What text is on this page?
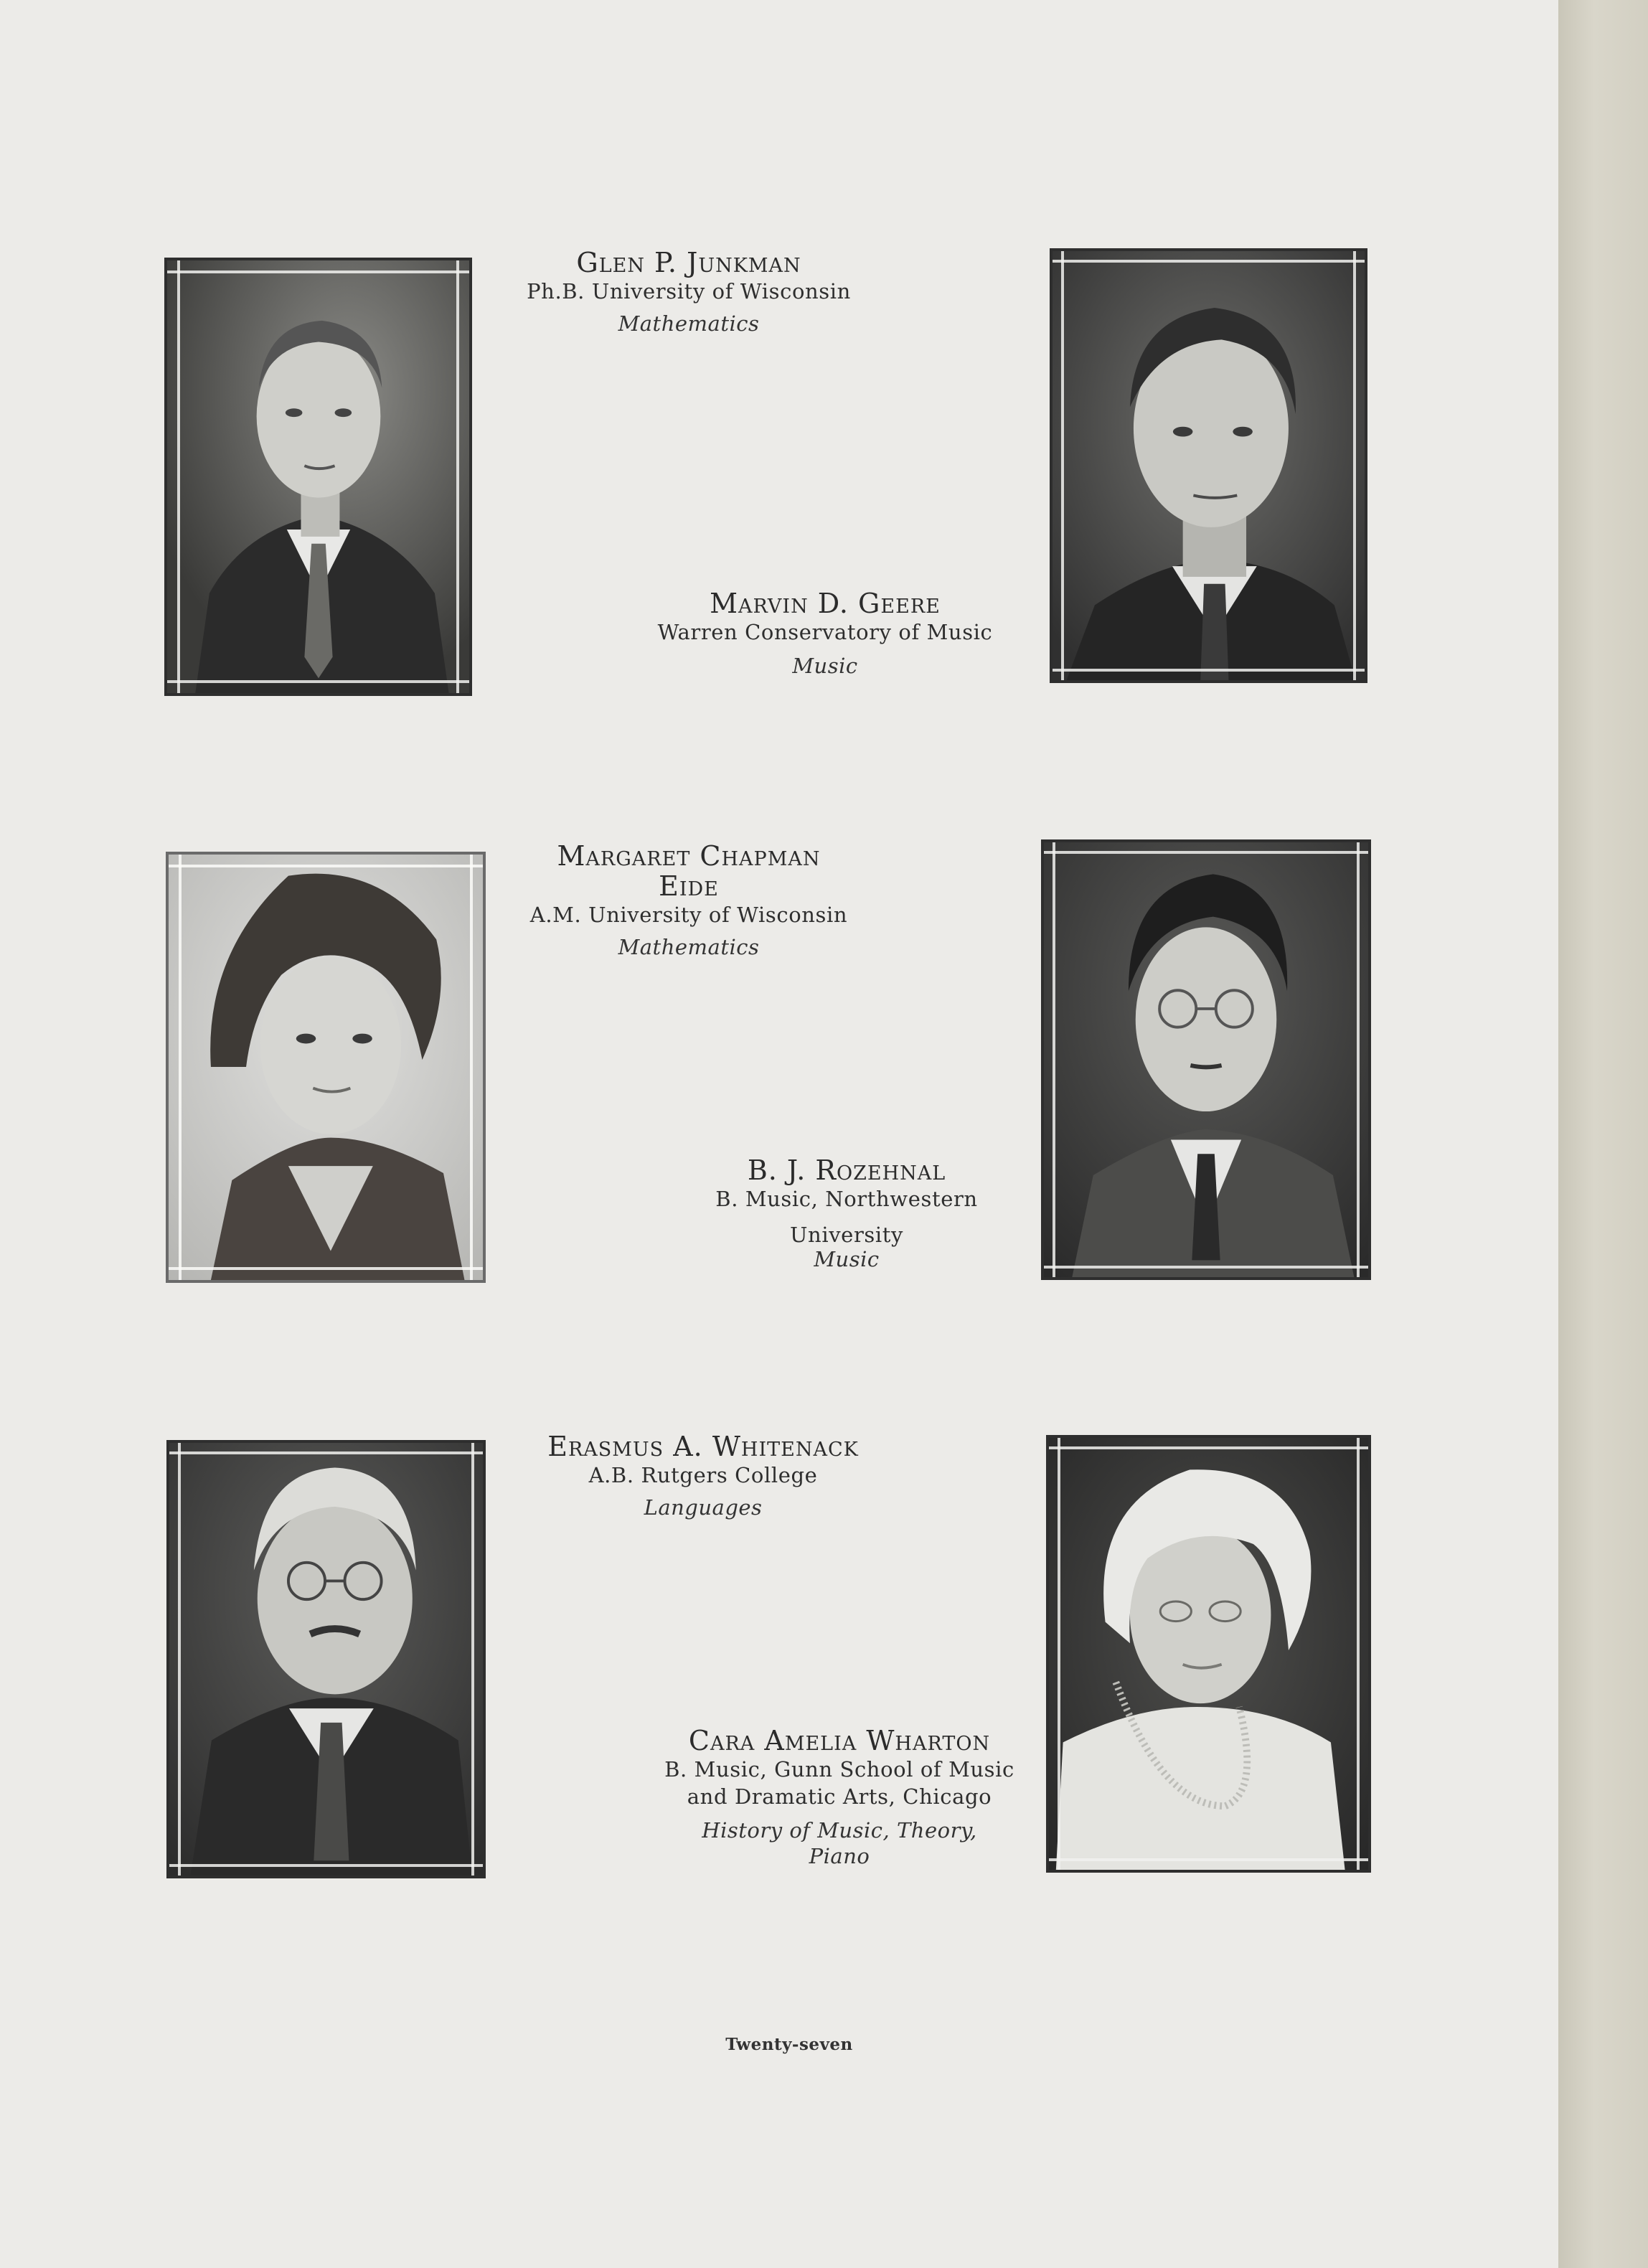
Glen P. Junkman
Ph.B. University of Wisconsin
Mathematics
Marvin D. Geere
Warren Conservatory of Music
Music
Margaret Chapman
Eide
A.M. University of Wisconsin
Mathematics
B. J. Rozehnal
B. Music, Northwestern
University
Music
Erasmus A. Whitenack
A.B. Rutgers College
Languages
Cara Amelia Wharton
B. Music, Gunn School of Music
and Dramatic Arts, Chicago
History of Music, Theory,
Piano
Twenty-seven
